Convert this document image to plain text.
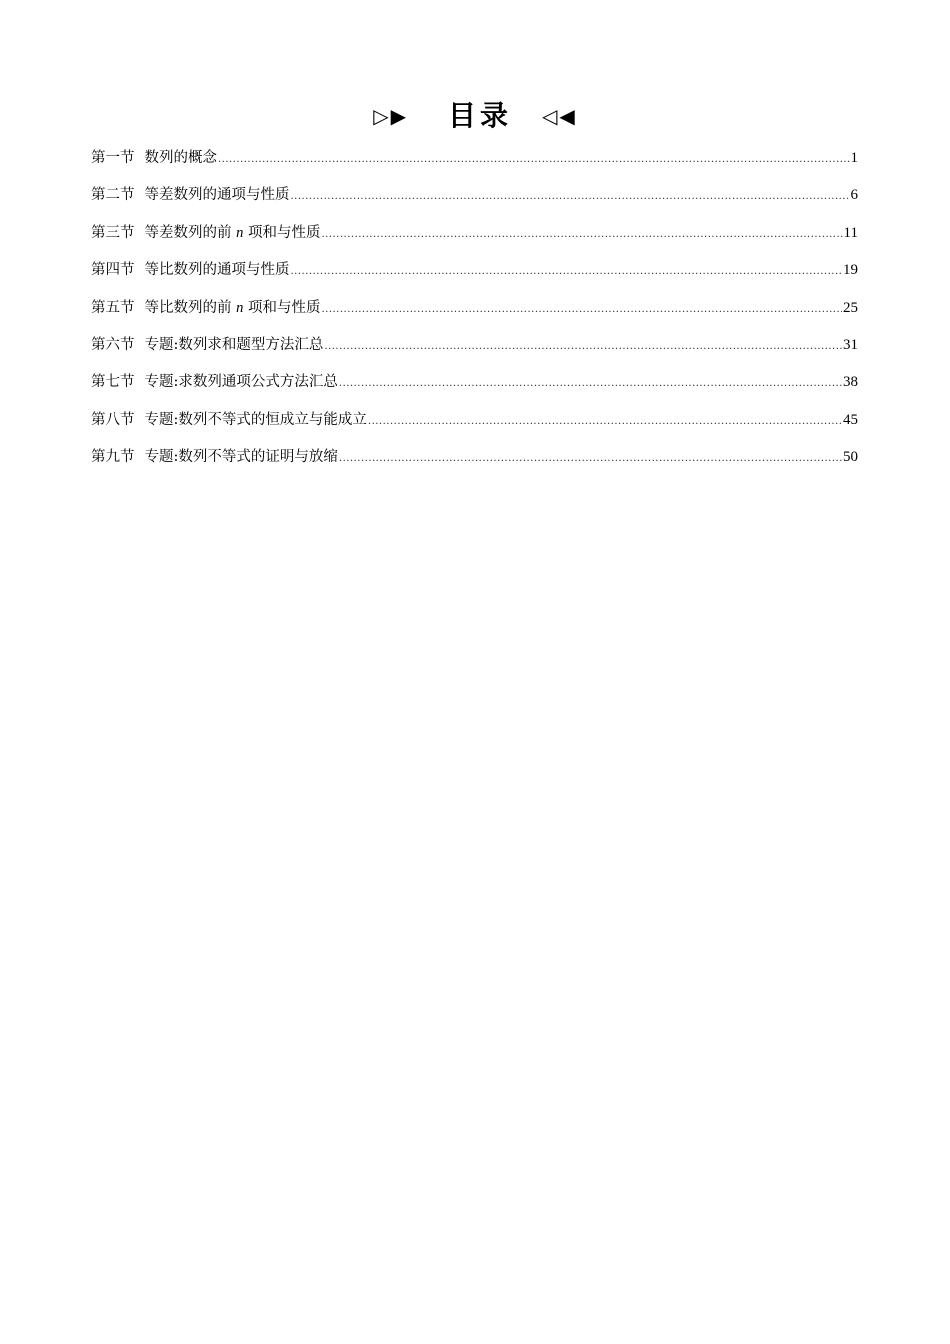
▷▶ 目录 ◁◀
第一节 数列的概念 .....	1
第二节 等差数列的通项与性质 .....	6
第三节 等差数列的前 n 项和与性质 .....	11
第四节 等比数列的通项与性质 .....	19
第五节 等比数列的前 n 项和与性质 .....	25
第六节 专题:数列求和题型方法汇总 .....	31
第七节 专题:求数列通项公式方法汇总 .....	38
第八节 专题:数列不等式的恒成立与能成立 .....	45
第九节 专题:数列不等式的证明与放缩 .....	50
